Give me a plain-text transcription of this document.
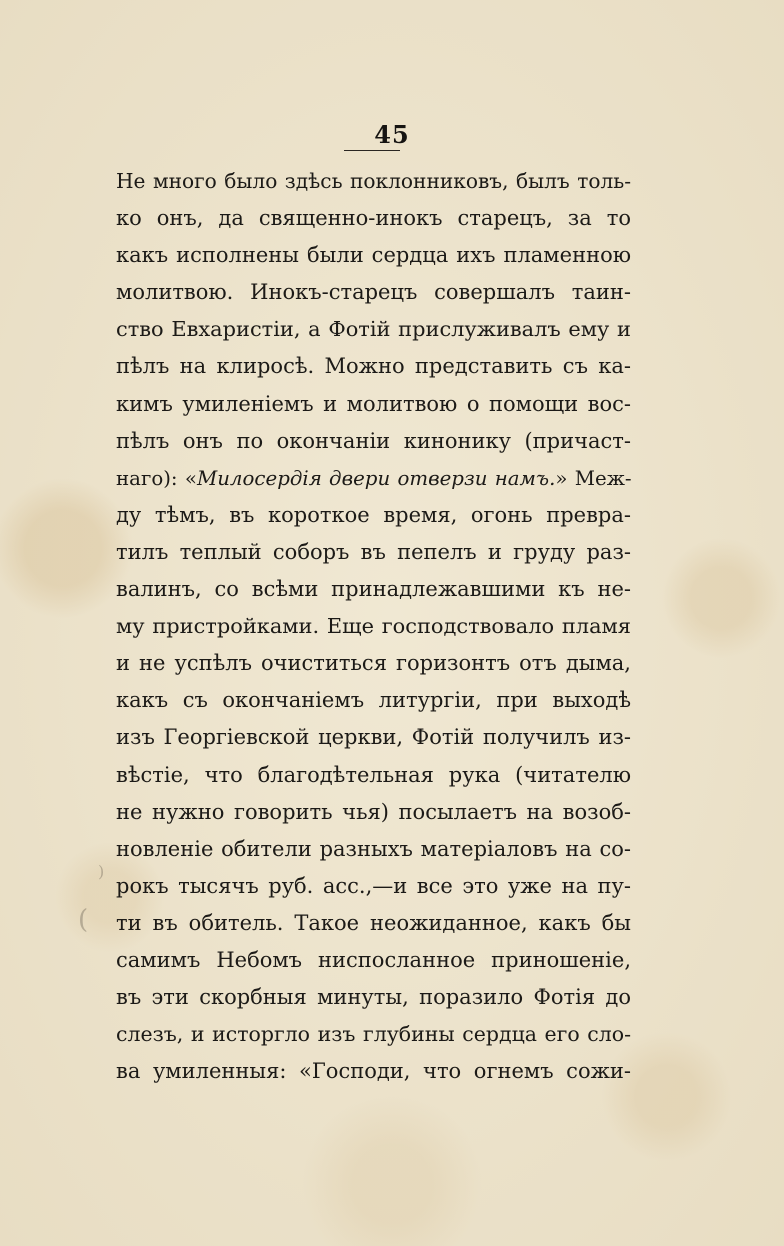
45
Не много было здѣсь поклонниковъ, былъ толь-
ко онъ, да священно-инокъ старецъ, за то
какъ исполнены были сердца ихъ пламенною
молитвою. Инокъ-старецъ совершалъ таин-
ство Евхаристіи, а Фотій прислуживалъ ему и
пѣлъ на клиросѣ. Можно представить съ ка-
кимъ умиленіемъ и молитвою о помощи вос-
пѣлъ онъ по окончаніи кинонику (причаст-
наго): «Милосердія двери отверзи намъ.» Меж-
ду тѣмъ, въ короткое время, огонь превра-
тилъ теплый соборъ въ пепелъ и груду раз-
валинъ, со всѣми принадлежавшими къ не-
му пристройками. Еще господствовало пламя
и не успѣлъ очиститься горизонтъ отъ дыма,
какъ съ окончаніемъ литургіи, при выходѣ
изъ Георгіевской церкви, Фотій получилъ из-
вѣстіе, что благодѣтельная рука (читателю
не нужно говорить чья) посылаетъ на возоб-
новленіе обители разныхъ матеріаловъ на со-
рокъ тысячъ руб. асс.,—и все это уже на пу-
ти въ обитель. Такое неожиданное, какъ бы
самимъ Небомъ ниспосланное приношеніе,
въ эти скорбныя минуты, поразило Фотія до
слезъ, и исторгло изъ глубины сердца его сло-
ва умиленныя: «Господи, что огнемъ сожи-
(
)
